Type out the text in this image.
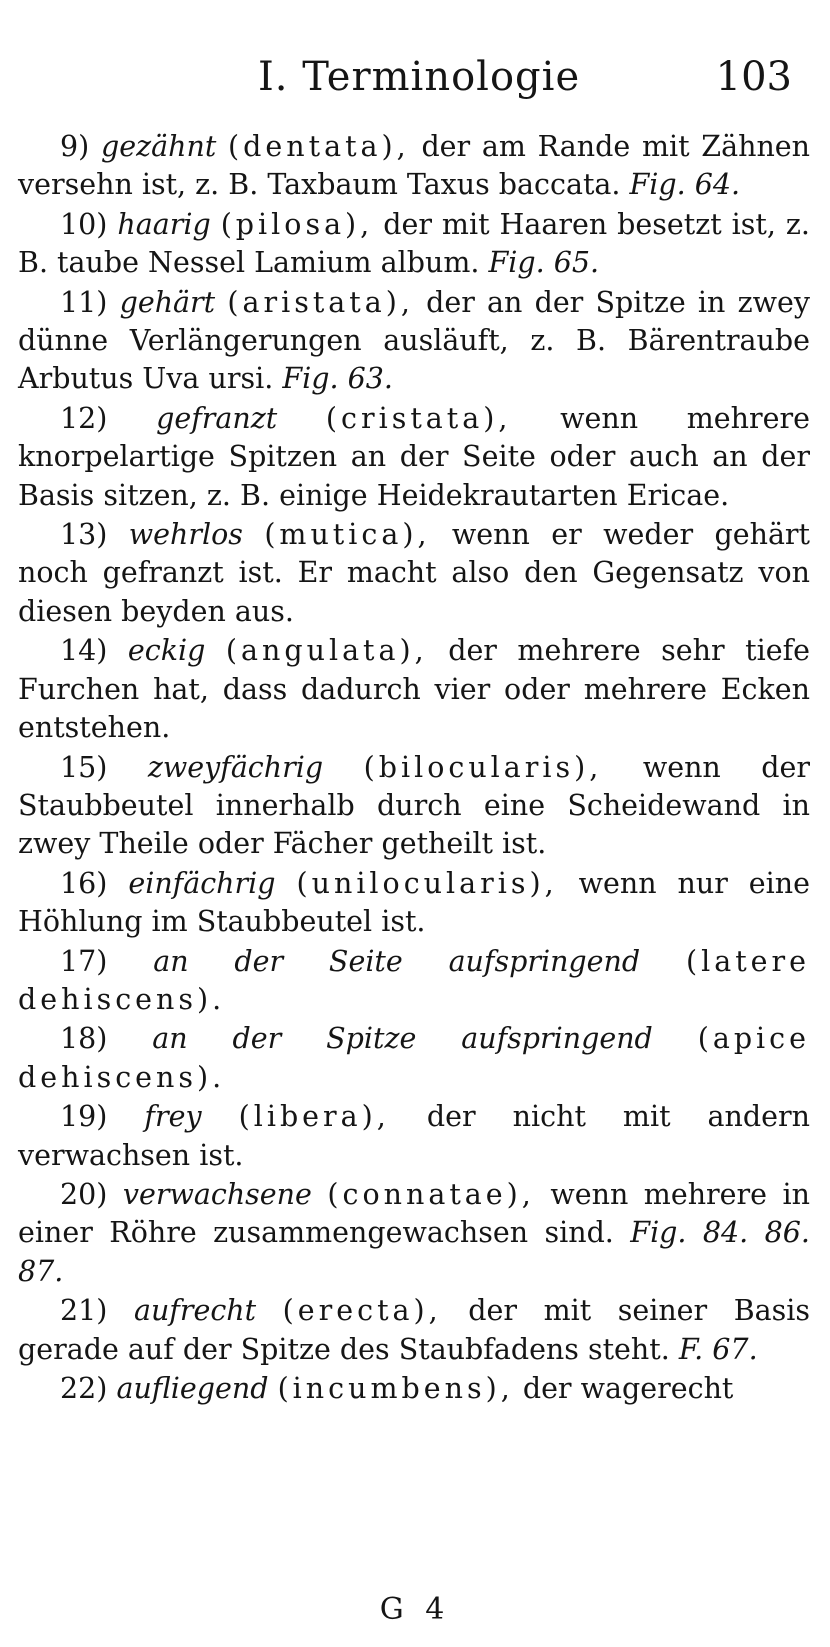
I. Terminologie	103

9) gezähnt (dentata), der am Rande mit Zähnen versehn ist, z. B. Taxbaum Taxus baccata. Fig. 64.

10) haarig (pilosa), der mit Haaren besetzt ist, z. B. taube Nessel Lamium album. Fig. 65.

11) gehärt (aristata), der an der Spitze in zwey dünne Verlängerungen ausläuft, z. B. Bärentraube Arbutus Uva ursi. Fig. 63.

12) gefranzt (cristata), wenn mehrere knorpelartige Spitzen an der Seite oder auch an der Basis sitzen, z. B. einige Heidekrautarten Ericae.

13) wehrlos (mutica), wenn er weder gehärt noch gefranzt ist. Er macht also den Gegensatz von diesen beyden aus.

14) eckig (angulata), der mehrere sehr tiefe Furchen hat, dass dadurch vier oder mehrere Ecken entstehen.

15) zweyfächrig (bilocularis), wenn der Staubbeutel innerhalb durch eine Scheidewand in zwey Theile oder Fächer getheilt ist.

16) einfächrig (unilocularis), wenn nur eine Höhlung im Staubbeutel ist.

17) an der Seite aufspringend (latere dehiscens).

18) an der Spitze aufspringend (apice dehiscens).

19) frey (libera), der nicht mit andern verwachsen ist.

20) verwachsene (connatae), wenn mehrere in einer Röhre zusammengewachsen sind. Fig. 84. 86. 87.

21) aufrecht (erecta), der mit seiner Basis gerade auf der Spitze des Staubfadens steht. F. 67.

22) aufliegend (incumbens), der wagerecht

G 4
